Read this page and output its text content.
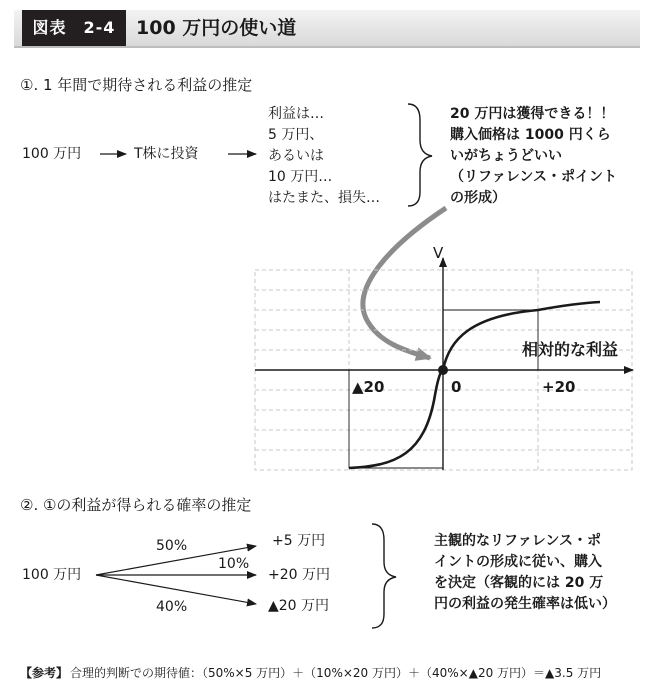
図表　2-4	100 万円の使い道
①. 1 年間で期待される利益の推定
100 万円	T株に投資
利益は…
5 万円、
あるいは
10 万円…
はたまた、損失…
20 万円は獲得できる！！
購入価格は 1000 円くら
いがちょうどいい
（リファレンス・ポイント
の形成）
V
相対的な利益
▲20	0	+20
②. ①の利益が得られる確率の推定
100 万円
50%
10%
40%
+5 万円
+20 万円
▲20 万円
主観的なリファレンス・ポ
イントの形成に従い、購入
を決定（客観的には 20 万
円の利益の発生確率は低い）
【参考】 合理的判断での期待値：（50%×5 万円）＋（10%×20 万円）＋（40%×▲20 万円）＝▲3.5 万円
